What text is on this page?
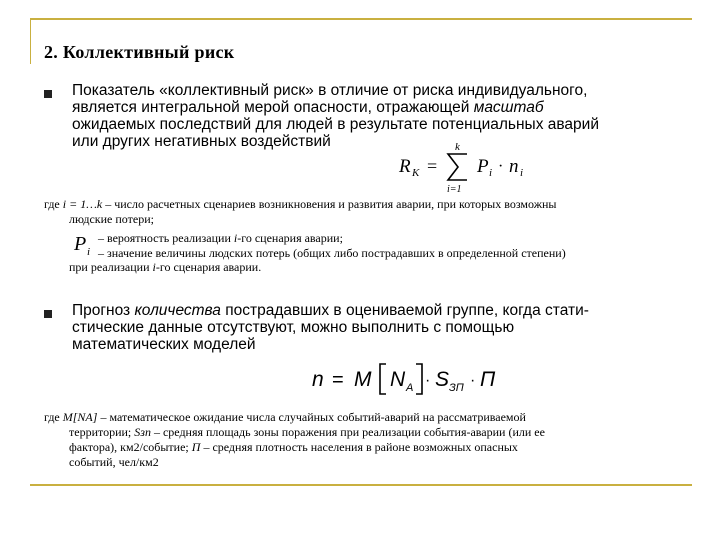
2. Коллективный риск
Показатель «коллективный риск» в отличие от риска индивидуального,
является интегральной мерой опасности, отражающей масштаб
ожидаемых последствий для людей в результате потенциальных аварий
или других негативных воздействий
R K =
k
i=1
P i · n i
где i = 1…k – число расчетных сценариев возникновения и развития аварии, при которых возможны
людские потери;
P i
– вероятность реализации i-го сценария аварии;
– значение величины людских потерь (общих либо пострадавших в определенной степени)
при реализации i-го сценария аварии.
Прогноз количества пострадавших в оцениваемой группе, когда стати-
стические данные отсутствуют, можно выполнить с помощью
математических моделей
n = M N A · S ЗП · П
где M[NA] – математическое ожидание числа случайных событий-аварий на рассматриваемой
территории; Sзп – средняя площадь зоны поражения при реализации события-аварии (или ее
фактора), км2/событие; П – средняя плотность населения в районе возможных опасных
событий, чел/км2
